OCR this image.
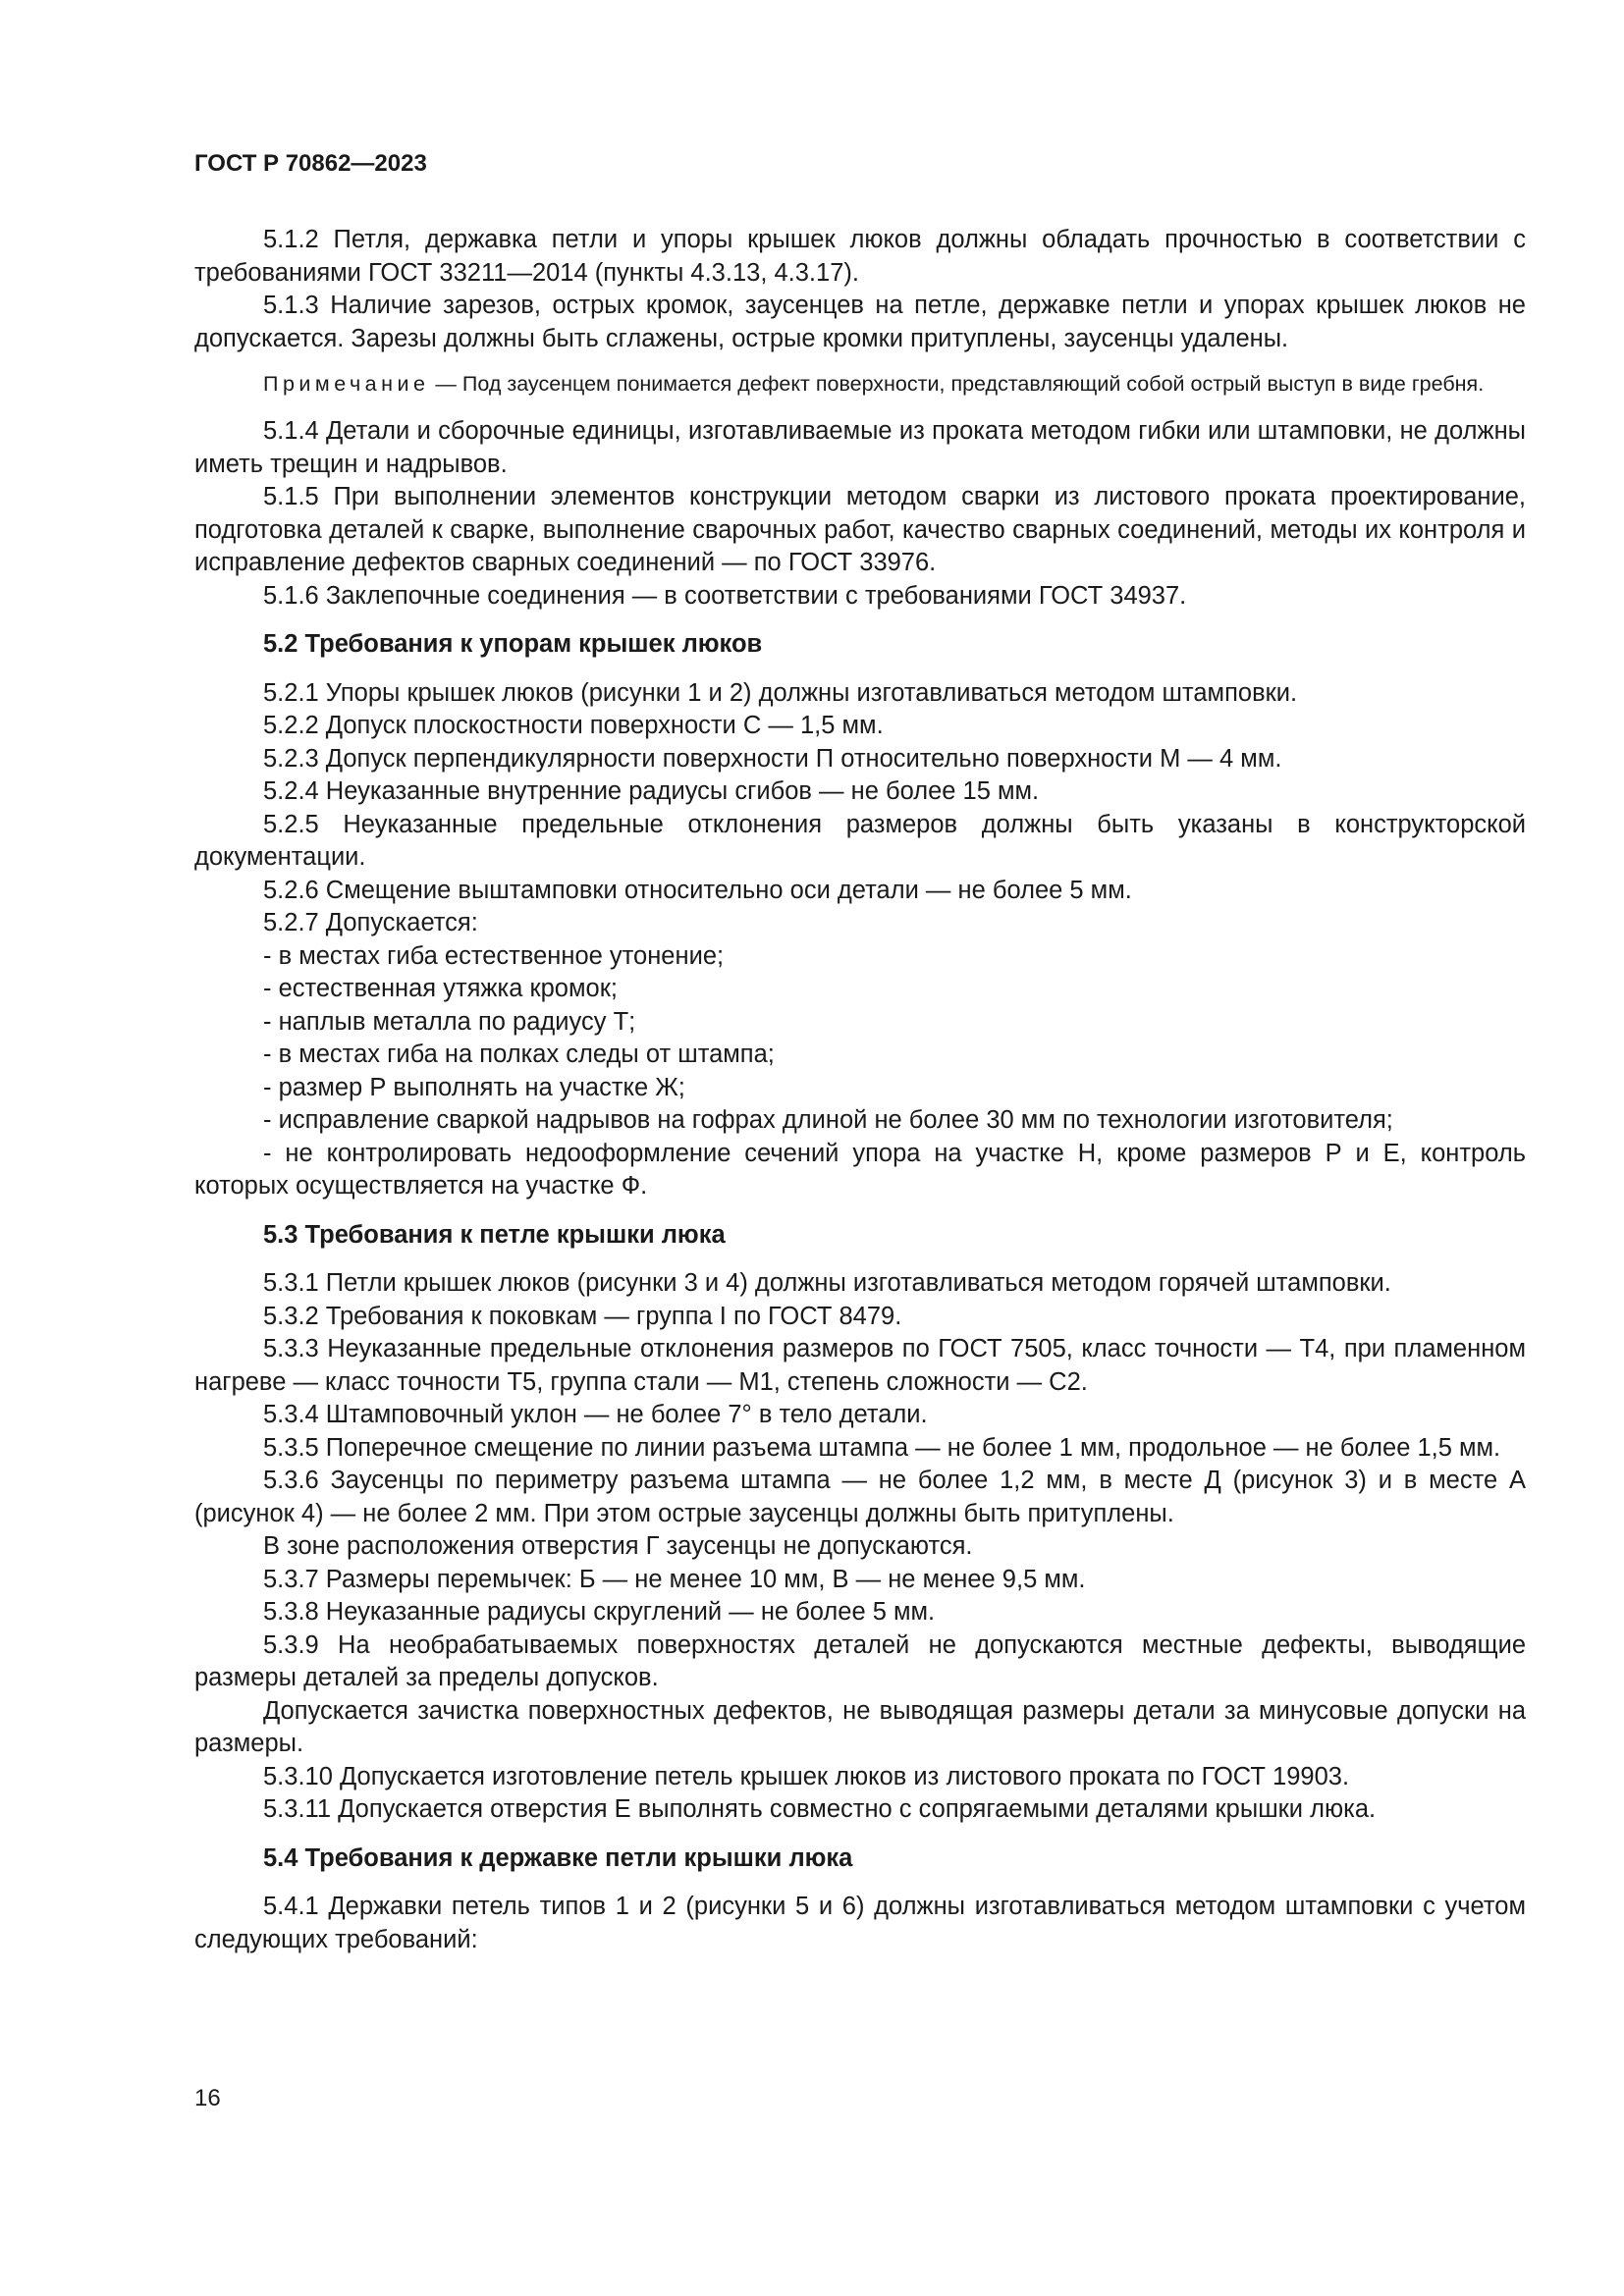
ГОСТ Р 70862—2023

5.1.2 Петля, державка петли и упоры крышек люков должны обладать прочностью в соответствии с требованиями ГОСТ 33211—2014 (пункты 4.3.13, 4.3.17).

5.1.3 Наличие зарезов, острых кромок, заусенцев на петле, державке петли и упорах крышек люков не допускается. Зарезы должны быть сглажены, острые кромки притуплены, заусенцы удалены.

Примечание — Под заусенцем понимается дефект поверхности, представляющий собой острый выступ в виде гребня.

5.1.4 Детали и сборочные единицы, изготавливаемые из проката методом гибки или штамповки, не должны иметь трещин и надрывов.

5.1.5 При выполнении элементов конструкции методом сварки из листового проката проектирование, подготовка деталей к сварке, выполнение сварочных работ, качество сварных соединений, методы их контроля и исправление дефектов сварных соединений — по ГОСТ 33976.

5.1.6 Заклепочные соединения — в соответствии с требованиями ГОСТ 34937.

5.2 Требования к упорам крышек люков

5.2.1 Упоры крышек люков (рисунки 1 и 2) должны изготавливаться методом штамповки.

5.2.2 Допуск плоскостности поверхности С — 1,5 мм.

5.2.3 Допуск перпендикулярности поверхности П относительно поверхности М — 4 мм.

5.2.4 Неуказанные внутренние радиусы сгибов — не более 15 мм.

5.2.5 Неуказанные предельные отклонения размеров должны быть указаны в конструкторской документации.

5.2.6 Смещение выштамповки относительно оси детали — не более 5 мм.

5.2.7 Допускается:

- в местах гиба естественное утонение;

- естественная утяжка кромок;

- наплыв металла по радиусу Т;

- в местах гиба на полках следы от штампа;

- размер Р выполнять на участке Ж;

- исправление сваркой надрывов на гофрах длиной не более 30 мм по технологии изготовителя;

- не контролировать недооформление сечений упора на участке Н, кроме размеров Р и Е, контроль которых осуществляется на участке Ф.

5.3 Требования к петле крышки люка

5.3.1 Петли крышек люков (рисунки 3 и 4) должны изготавливаться методом горячей штамповки.

5.3.2 Требования к поковкам — группа I по ГОСТ 8479.

5.3.3 Неуказанные предельные отклонения размеров по ГОСТ 7505, класс точности — Т4, при пламенном нагреве — класс точности Т5, группа стали — М1, степень сложности — С2.

5.3.4 Штамповочный уклон — не более 7° в тело детали.

5.3.5 Поперечное смещение по линии разъема штампа — не более 1 мм, продольное — не более 1,5 мм.

5.3.6 Заусенцы по периметру разъема штампа — не более 1,2 мм, в месте Д (рисунок 3) и в месте А (рисунок 4) — не более 2 мм. При этом острые заусенцы должны быть притуплены.

В зоне расположения отверстия Г заусенцы не допускаются.

5.3.7 Размеры перемычек: Б — не менее 10 мм, В — не менее 9,5 мм.

5.3.8 Неуказанные радиусы скруглений — не более 5 мм.

5.3.9 На необрабатываемых поверхностях деталей не допускаются местные дефекты, выводящие размеры деталей за пределы допусков.

Допускается зачистка поверхностных дефектов, не выводящая размеры детали за минусовые допуски на размеры.

5.3.10 Допускается изготовление петель крышек люков из листового проката по ГОСТ 19903.

5.3.11 Допускается отверстия Е выполнять совместно с сопрягаемыми деталями крышки люка.

5.4 Требования к державке петли крышки люка

5.4.1 Державки петель типов 1 и 2 (рисунки 5 и 6) должны изготавливаться методом штамповки с учетом следующих требований:

16
